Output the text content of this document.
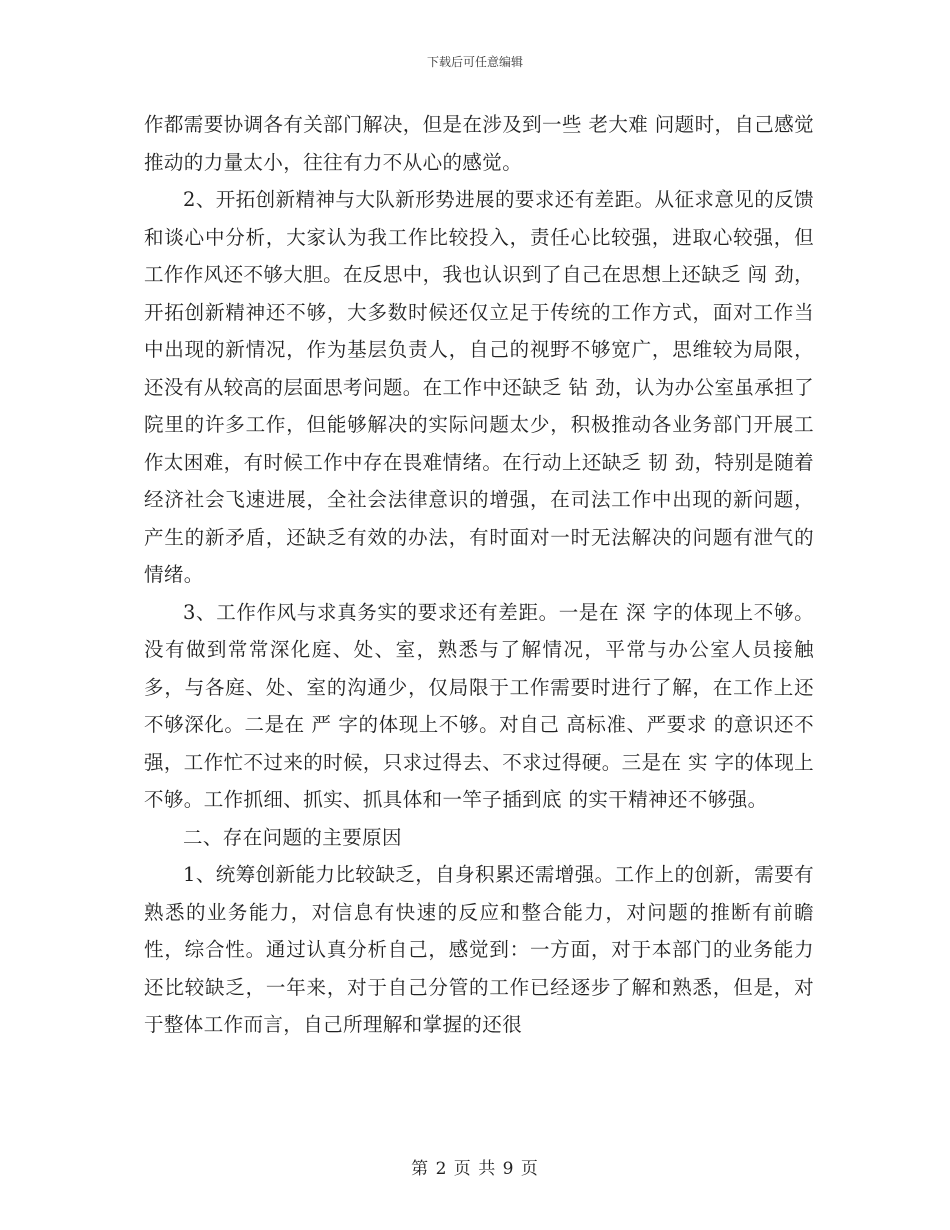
下载后可任意编辑

作都需要协调各有关部门解决，但是在涉及到一些 老大难 问题时，自己感觉推动的力量太小，往往有力不从心的感觉。

2、开拓创新精神与大队新形势进展的要求还有差距。从征求意见的反馈和谈心中分析，大家认为我工作比较投入，责任心比较强，进取心较强，但工作作风还不够大胆。在反思中，我也认识到了自己在思想上还缺乏 闯 劲，开拓创新精神还不够，大多数时候还仅立足于传统的工作方式，面对工作当中出现的新情况，作为基层负责人，自己的视野不够宽广，思维较为局限，还没有从较高的层面思考问题。在工作中还缺乏 钻 劲，认为办公室虽承担了院里的许多工作，但能够解决的实际问题太少，积极推动各业务部门开展工作太困难，有时候工作中存在畏难情绪。在行动上还缺乏 韧 劲，特别是随着经济社会飞速进展，全社会法律意识的增强，在司法工作中出现的新问题，产生的新矛盾，还缺乏有效的办法，有时面对一时无法解决的问题有泄气的情绪。

3、工作作风与求真务实的要求还有差距。一是在 深 字的体现上不够。没有做到常常深化庭、处、室，熟悉与了解情况，平常与办公室人员接触多，与各庭、处、室的沟通少，仅局限于工作需要时进行了解，在工作上还不够深化。二是在 严 字的体现上不够。对自己 高标准、严要求 的意识还不强，工作忙不过来的时候，只求过得去、不求过得硬。三是在 实 字的体现上不够。工作抓细、抓实、抓具体和一竿子插到底 的实干精神还不够强。

二、存在问题的主要原因

1、统筹创新能力比较缺乏，自身积累还需增强。工作上的创新，需要有熟悉的业务能力，对信息有快速的反应和整合能力，对问题的推断有前瞻性，综合性。通过认真分析自己，感觉到：一方面，对于本部门的业务能力还比较缺乏，一年来，对于自己分管的工作已经逐步了解和熟悉，但是，对于整体工作而言，自己所理解和掌握的还很

第 2 页 共 9 页
